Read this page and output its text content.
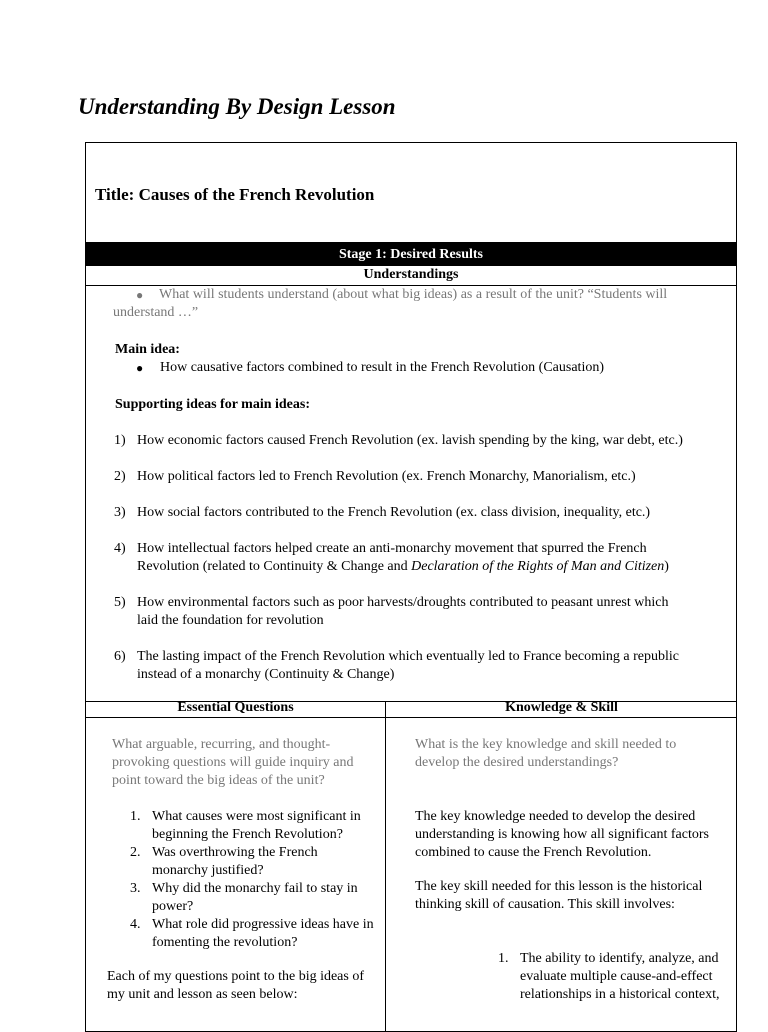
Understanding By Design Lesson
Title: Causes of the French Revolution
Stage 1: Desired Results
Understandings
●	What will students understand (about what big ideas) as a result of the unit? “Students will understand …”

Main idea:

● How causative factors combined to result in the French Revolution (Causation)

Supporting ideas for main ideas:

1) How economic factors caused French Revolution (ex. lavish spending by the king, war debt, etc.)
2) How political factors led to French Revolution (ex. French Monarchy, Manorialism, etc.)
3) How social factors contributed to the French Revolution (ex. class division, inequality, etc.)
4) How intellectual factors helped create an anti-monarchy movement that spurred the French
Revolution (related to Continuity & Change and Declaration of the Rights of Man and Citizen)
5) How environmental factors such as poor harvests/droughts contributed to peasant unrest which
laid the foundation for revolution
6) The lasting impact of the French Revolution which eventually led to France becoming a republic
instead of a monarchy (Continuity & Change)
Essential Questions	Knowledge & Skill

What arguable, recurring, and thought-provoking questions will guide inquiry and point toward the big ideas of the unit?

1. What causes were most significant in beginning the French Revolution?

2. Was overthrowing the French monarchy justified?

3. Why did the monarchy fail to stay in power?

4. What role did progressive ideas have in fomenting the revolution?

Each of my questions point to the big ideas of my unit and lesson as seen below:

What is the key knowledge and skill needed to develop the desired understandings?

The key knowledge needed to develop the desired understanding is knowing how all significant factors combined to cause the French Revolution.

The key skill needed for this lesson is the historical thinking skill of causation. This skill involves:

1. The ability to identify, analyze, and evaluate multiple cause-and-effect relationships in a historical context,
